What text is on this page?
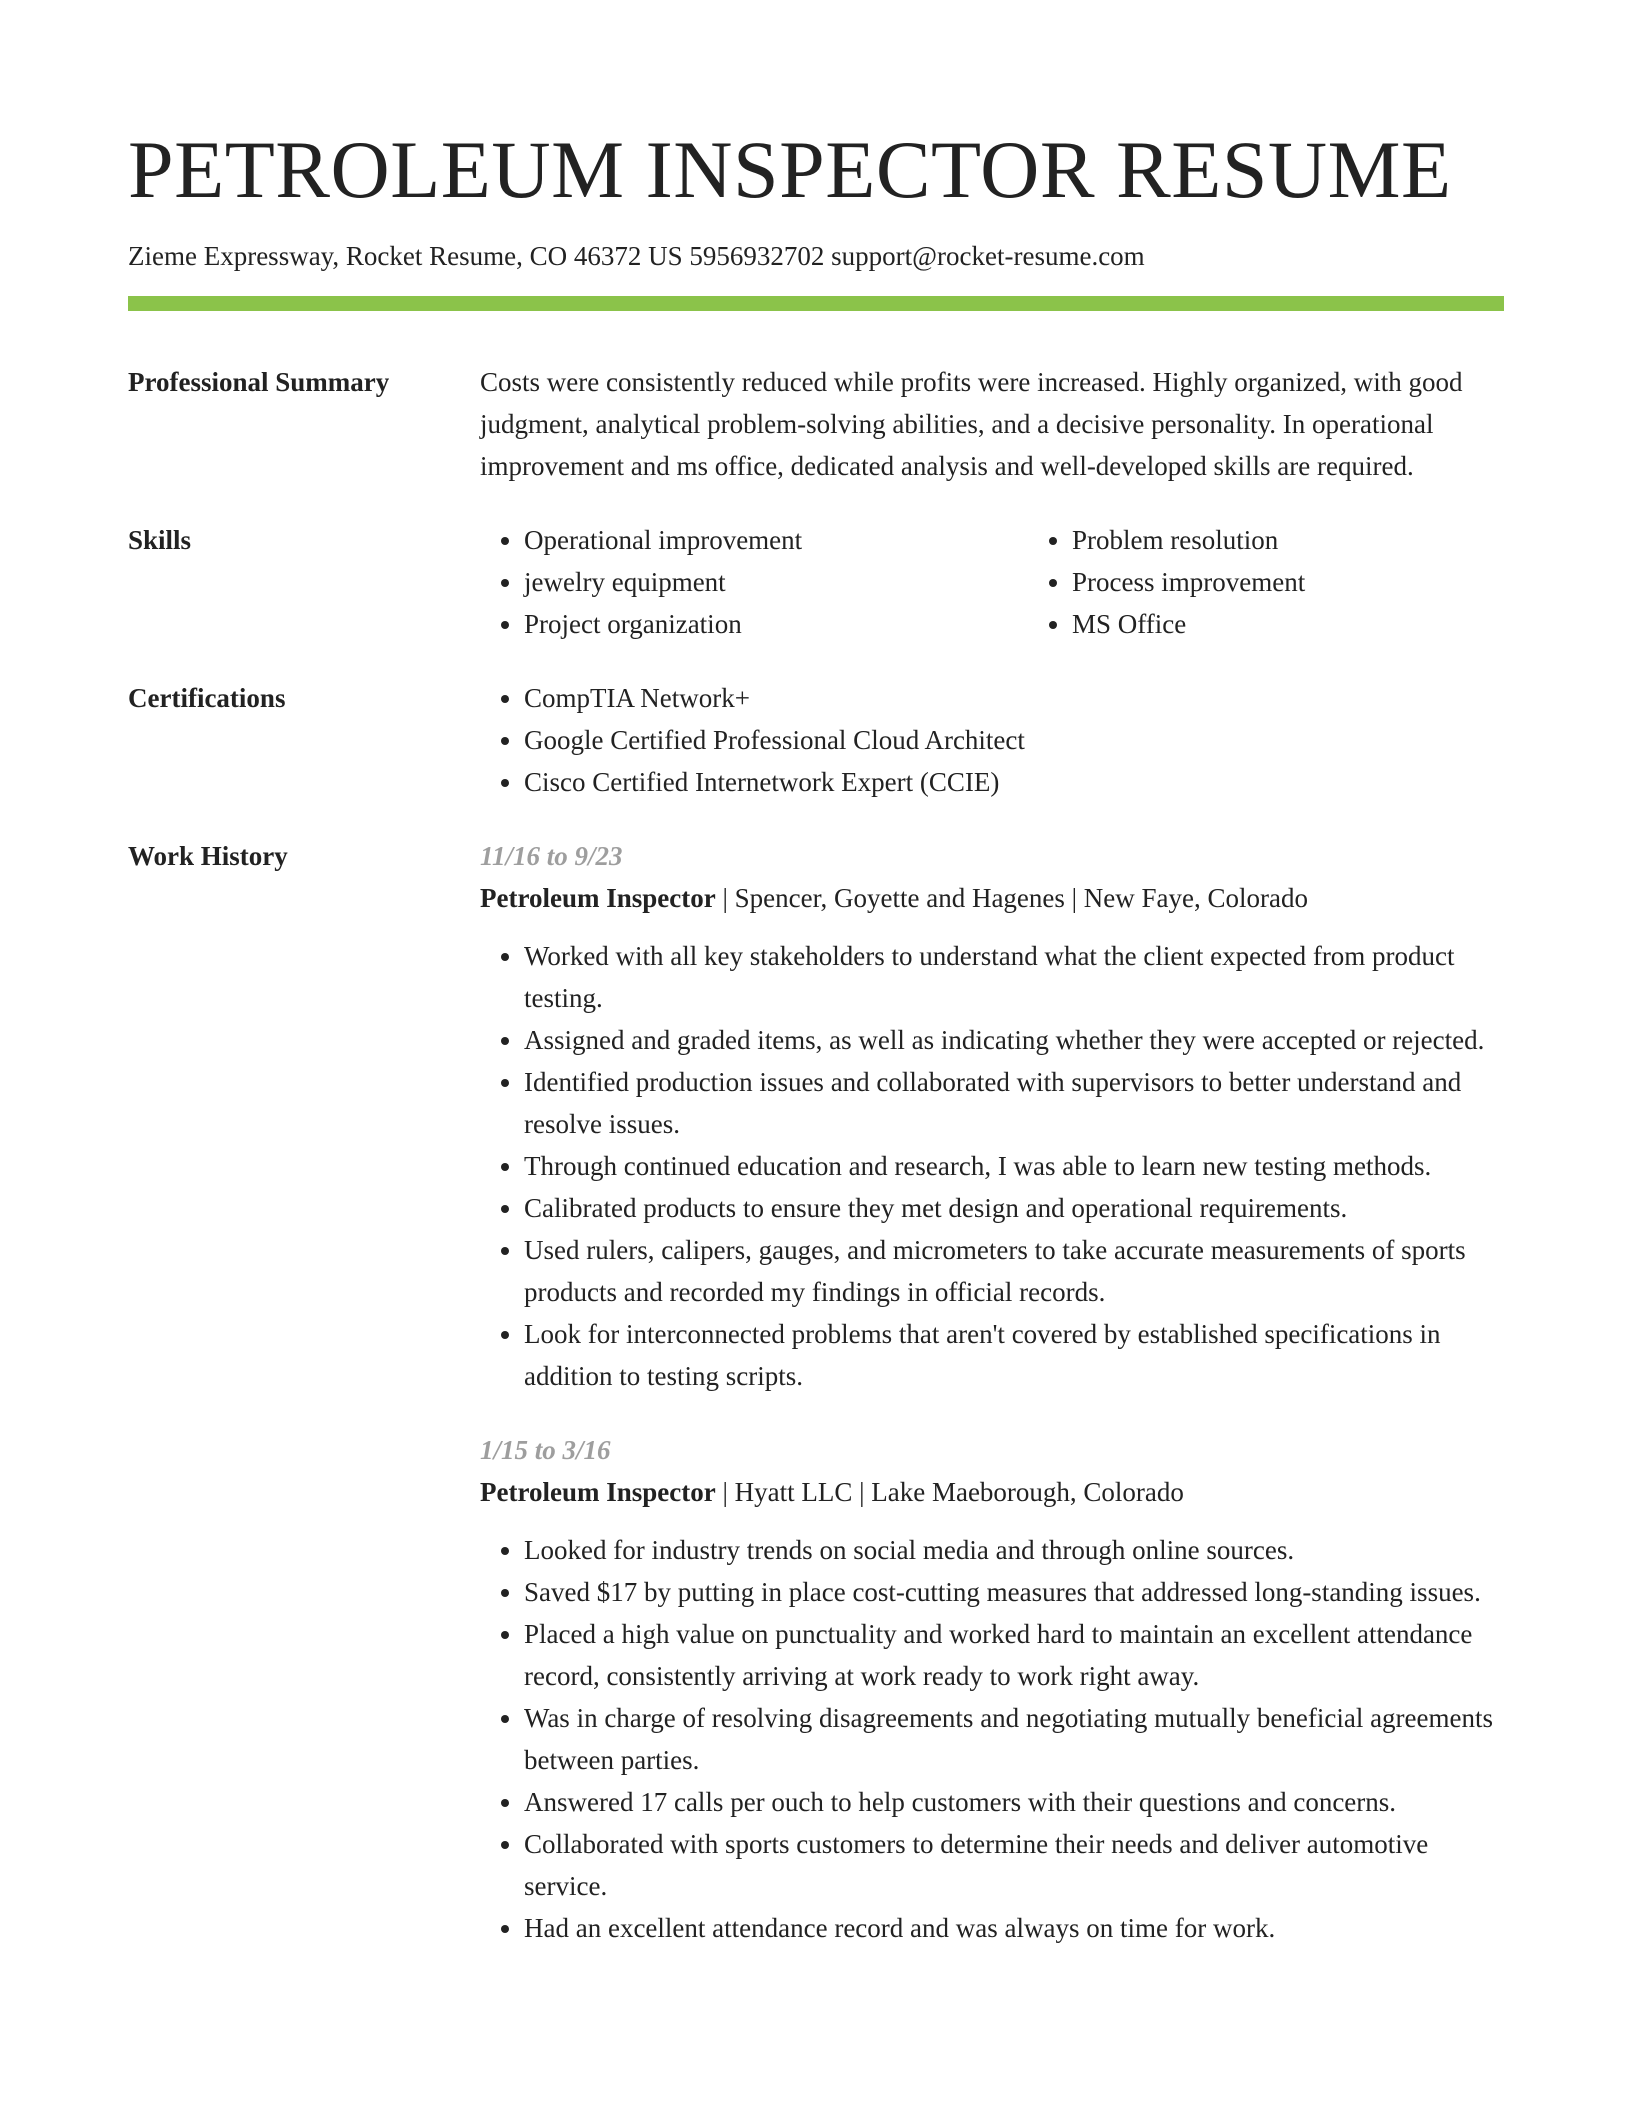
PETROLEUM INSPECTOR RESUME
Zieme Expressway, Rocket Resume, CO 46372 US 5956932702 support@rocket-resume.com
Professional Summary	Costs were consistently reduced while profits were increased. Highly organized, with good judgment, analytical problem-solving abilities, and a decisive personality. In operational improvement and ms office, dedicated analysis and well-developed skills are required.

Skills	• Operational improvement
• jewelry equipment
• Project organization
• Problem resolution
• Process improvement
• MS Office
Certifications	• CompTIA Network+
• Google Certified Professional Cloud Architect
• Cisco Certified Internetwork Expert (CCIE)
Work History	11/16 to 9/23
Petroleum Inspector | Spencer, Goyette and Hagenes | New Faye, Colorado
• Worked with all key stakeholders to understand what the client expected from product testing.
• Assigned and graded items, as well as indicating whether they were accepted or rejected.
• Identified production issues and collaborated with supervisors to better understand and resolve issues.
• Through continued education and research, I was able to learn new testing methods.
• Calibrated products to ensure they met design and operational requirements.
• Used rulers, calipers, gauges, and micrometers to take accurate measurements of sports products and recorded my findings in official records.
• Look for interconnected problems that aren't covered by established specifications in addition to testing scripts.
1/15 to 3/16
Petroleum Inspector | Hyatt LLC | Lake Maeborough, Colorado
• Looked for industry trends on social media and through online sources.
• Saved $17 by putting in place cost-cutting measures that addressed long-standing issues.
• Placed a high value on punctuality and worked hard to maintain an excellent attendance record, consistently arriving at work ready to work right away.
• Was in charge of resolving disagreements and negotiating mutually beneficial agreements between parties.
• Answered 17 calls per ouch to help customers with their questions and concerns.
• Collaborated with sports customers to determine their needs and deliver automotive service.
• Had an excellent attendance record and was always on time for work.
